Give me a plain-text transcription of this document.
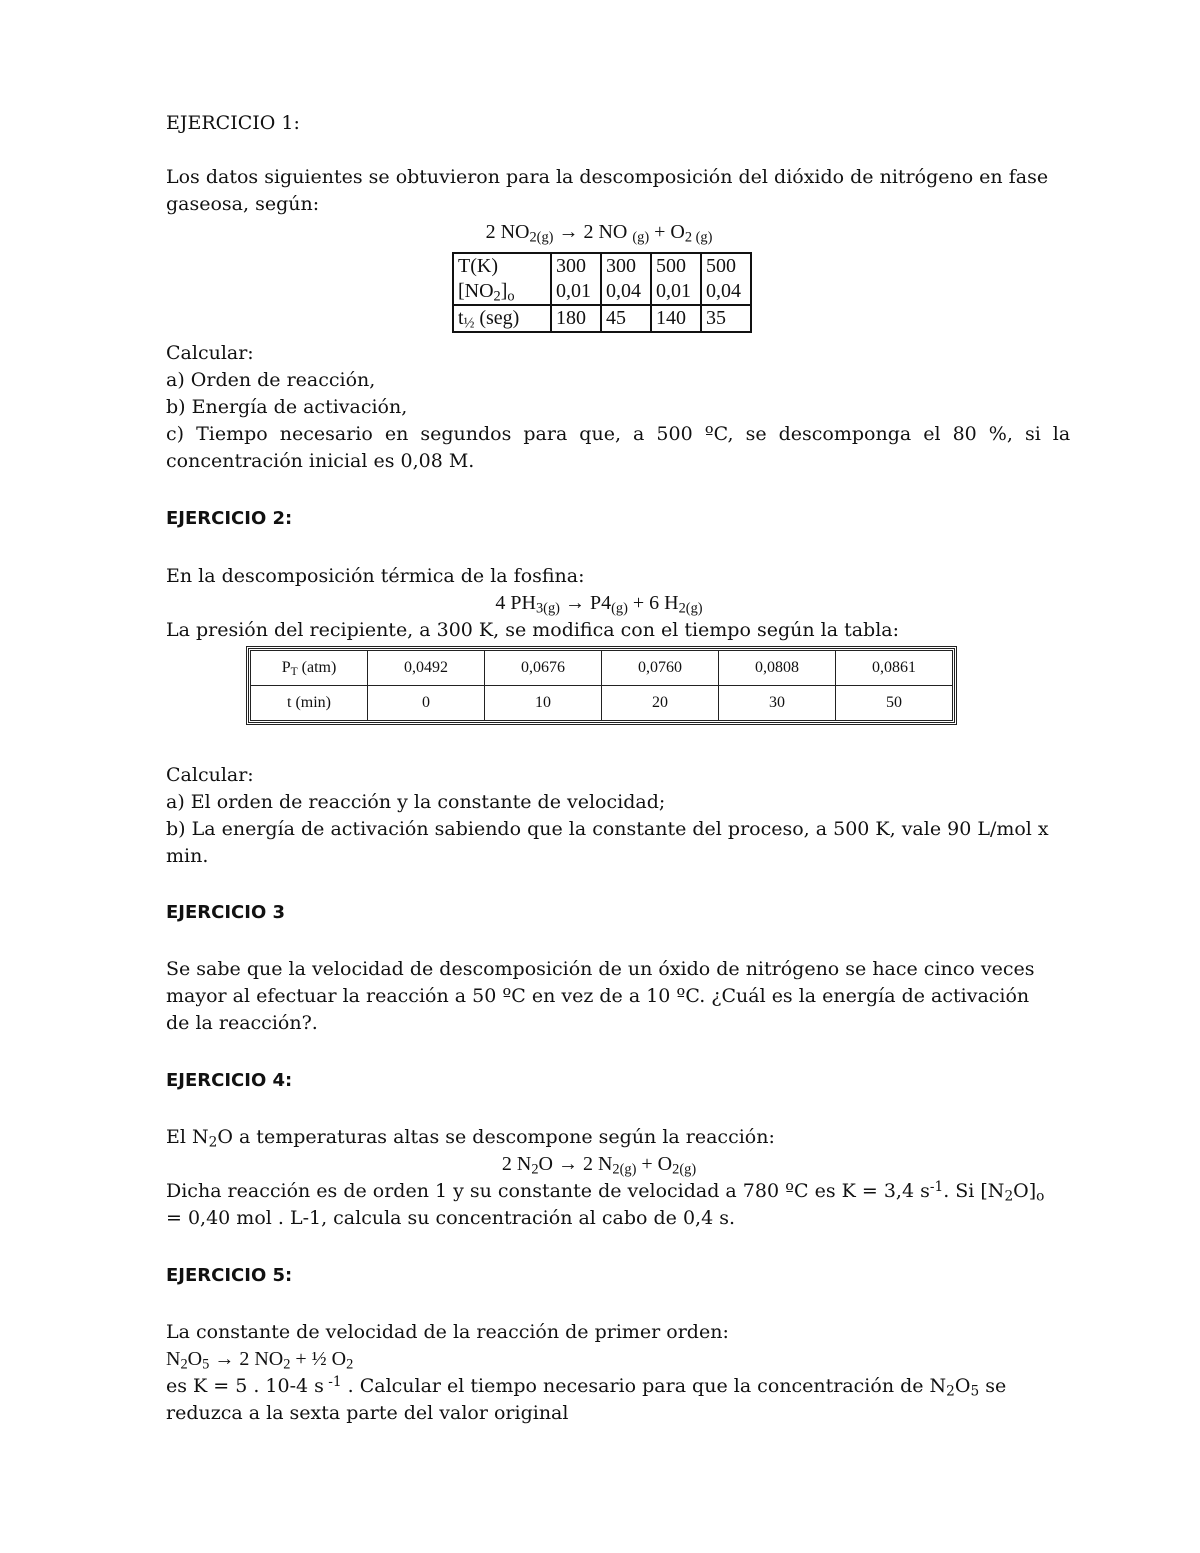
EJERCICIO 1:
Los datos siguientes se obtuvieron para la descomposición del dióxido de nitrógeno en fase
gaseosa, según:
2 $NO_{2(g)} \to 2$ NO $_{(g)} + O_{2 (g)}$
T(K)	300	300	500	500
$[NO_2]_o$	0,01	0,04	0,01	0,04
$t_{\frac{1}{2}}$ (seg)	180	45	140	35
Calcular:
a) Orden de reacción,
b) Energía de activación,
c) Tiempo necesario en segundos para que, a 500 ºC, se descomponga el 80 %, si la
concentración inicial es 0,08 M.
EJERCICIO 2:
En la descomposición térmica de la fosfina:
4 $PH_{3(g)} \to P4_{(g)} + 6$ $H_{2(g)}$
La presión del recipiente, a 300 K, se modifica con el tiempo según la tabla:
$P_T$ (atm)	0,0492	0,0676	0,0760	0,0808	0,0861
t (min)	0	10	20	30	50
Calcular:
a) El orden de reacción y la constante de velocidad;
b) La energía de activación sabiendo que la constante del proceso, a 500 K, vale 90 L/mol x
min.
EJERCICIO 3
Se sabe que la velocidad de descomposición de un óxido de nitrógeno se hace cinco veces
mayor al efectuar la reacción a 50 ºC en vez de a 10 ºC. ¿Cuál es la energía de activación
de la reacción?.
EJERCICIO 4:
El $N_2O$ a temperaturas altas se descompone según la reacción:
2 $N_2O \to 2$ $N_{2(g)} + O_{2(g)}$
Dicha reacción es de orden 1 y su constante de velocidad a 780 ºC es K = 3,4 $s^{-1}$. Si $[N_2O]_o$
= 0,40 mol . L-1, calcula su concentración al cabo de 0,4 s.
EJERCICIO 5:
La constante de velocidad de la reacción de primer orden:
$N_2O_5 \to 2$ $NO_2$ + ½ $O_2$
es K = 5 . 10-4 s $^{-1}$ . Calcular el tiempo necesario para que la concentración de $N_2O_5$ se
reduzca a la sexta parte del valor original
